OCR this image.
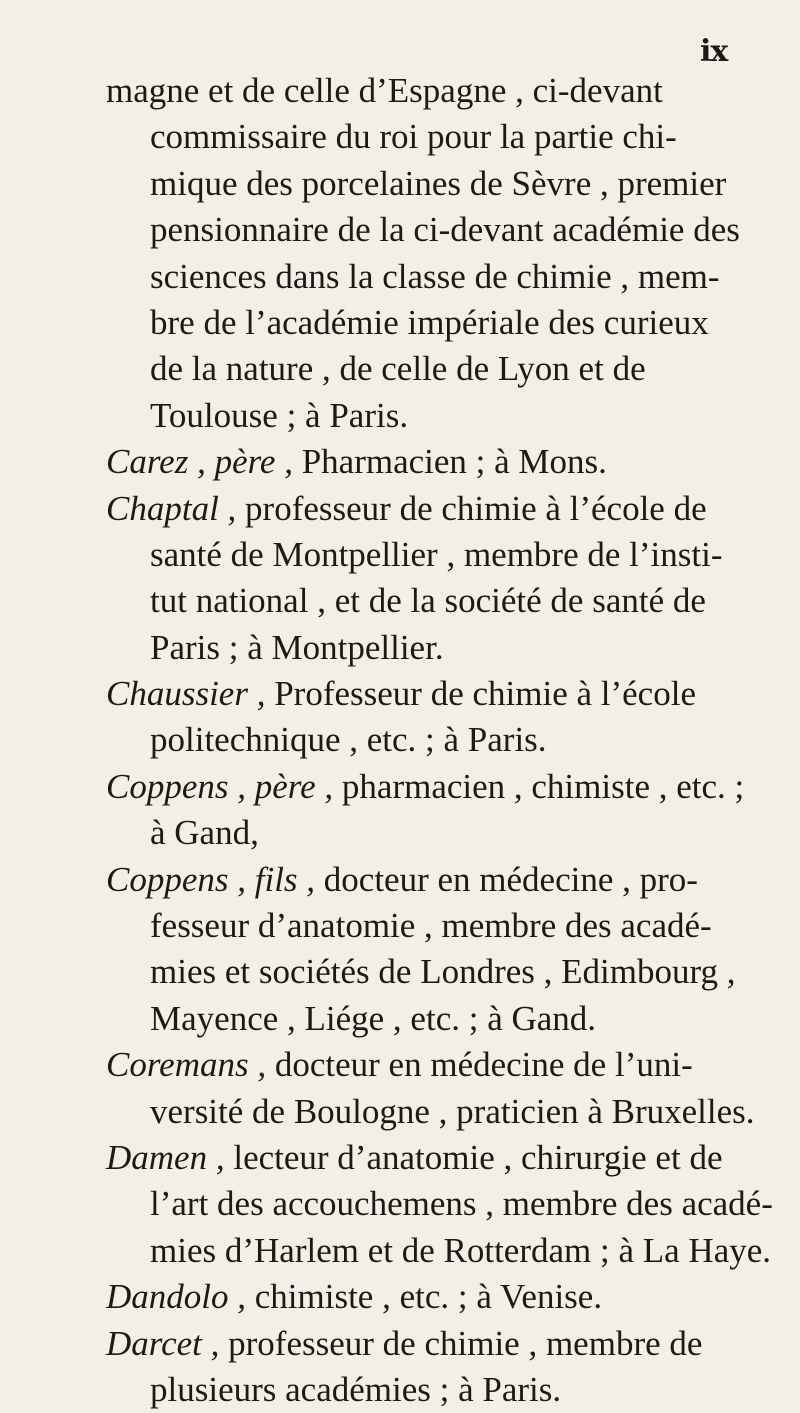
ix
magne et de celle d’Espagne , ci-devant
commissaire du roi pour la partie chi-
mique des porcelaines de Sèvre , premier
pensionnaire de la ci-devant académie des
sciences dans la classe de chimie , mem-
bre de l’académie impériale des curieux
de la nature , de celle de Lyon et de
Toulouse ; à Paris.
Carez , père , Pharmacien ; à Mons.
Chaptal , professeur de chimie à l’école de
santé de Montpellier , membre de l’insti-
tut national , et de la société de santé de
Paris ; à Montpellier.
Chaussier , Professeur de chimie à l’école
politechnique , etc. ; à Paris.
Coppens , père , pharmacien , chimiste , etc. ;
à Gand,
Coppens , fils , docteur en médecine , pro-
fesseur d’anatomie , membre des acadé-
mies et sociétés de Londres , Edimbourg ,
Mayence , Liége , etc. ; à Gand.
Coremans , docteur en médecine de l’uni-
versité de Boulogne , praticien à Bruxelles.
Damen , lecteur d’anatomie , chirurgie et de
l’art des accouchemens , membre des acadé-
mies d’Harlem et de Rotterdam ; à La Haye.
Dandolo , chimiste , etc. ; à Venise.
Darcet , professeur de chimie , membre de
plusieurs académies ; à Paris.
